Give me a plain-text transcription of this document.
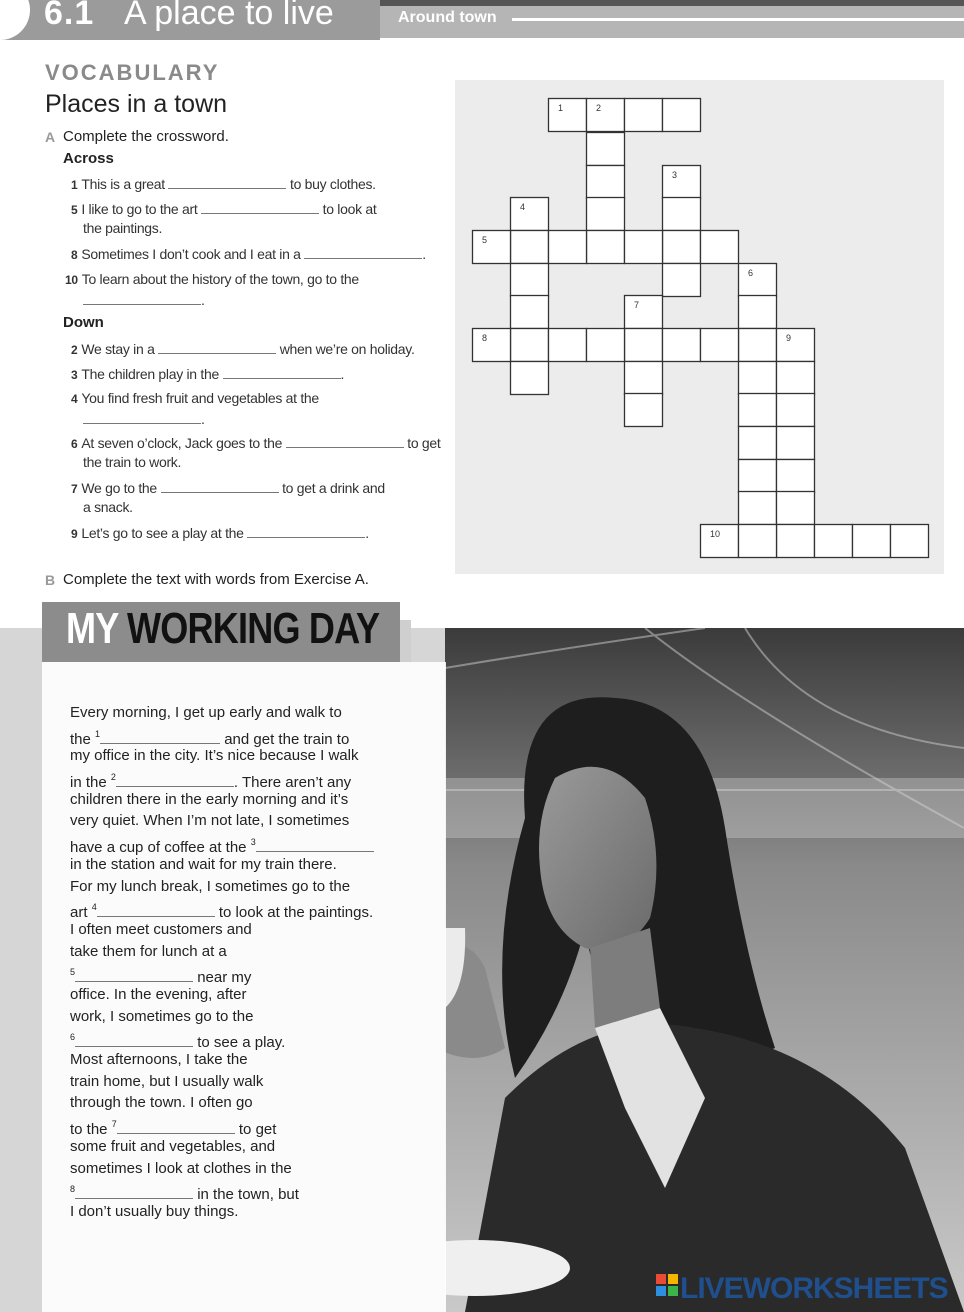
6.1 A place to live	Around town
VOCABULARY
Places in a town
A Complete the crossword.
Across
1 This is a great	to buy clothes.
5 I like to go to the art	to look at
the paintings.
8 Sometimes I don’t cook and I eat in a	.
10 To learn about the history of the town, go to the
.
Down
2 We stay in a	when we’re on holiday.
3 The children play in the	.
4 You find fresh fruit and vegetables at the
.
6 At seven o’clock, Jack goes to the	to get
the train to work.
7 We go to the	to get a drink and
a snack.
9 Let’s go to see a play at the	.
1	2
3
4
5
6
7
8	9
10
B Complete the text with words from Exercise A.
MY WORKING DAY
Every morning, I get up early and walk to
the $^1$	and get the train to
my office in the city. It’s nice because I walk
in the $^2$	. There aren’t any
children there in the early morning and it’s
very quiet. When I’m not late, I sometimes
have a cup of coffee at the $^3$
in the station and wait for my train there.
For my lunch break, I sometimes go to the
art $^4$	to look at the paintings.
I often meet customers and
take them for lunch at a
$^5$	near my
office. In the evening, after
work, I sometimes go to the
$^6$	to see a play.
Most afternoons, I take the
train home, but I usually walk
through the town. I often go
to the $^7$	to get
some fruit and vegetables, and
sometimes I look at clothes in the
$^8$	in the town, but
I don’t usually buy things.
LIVEWORKSHEETS
